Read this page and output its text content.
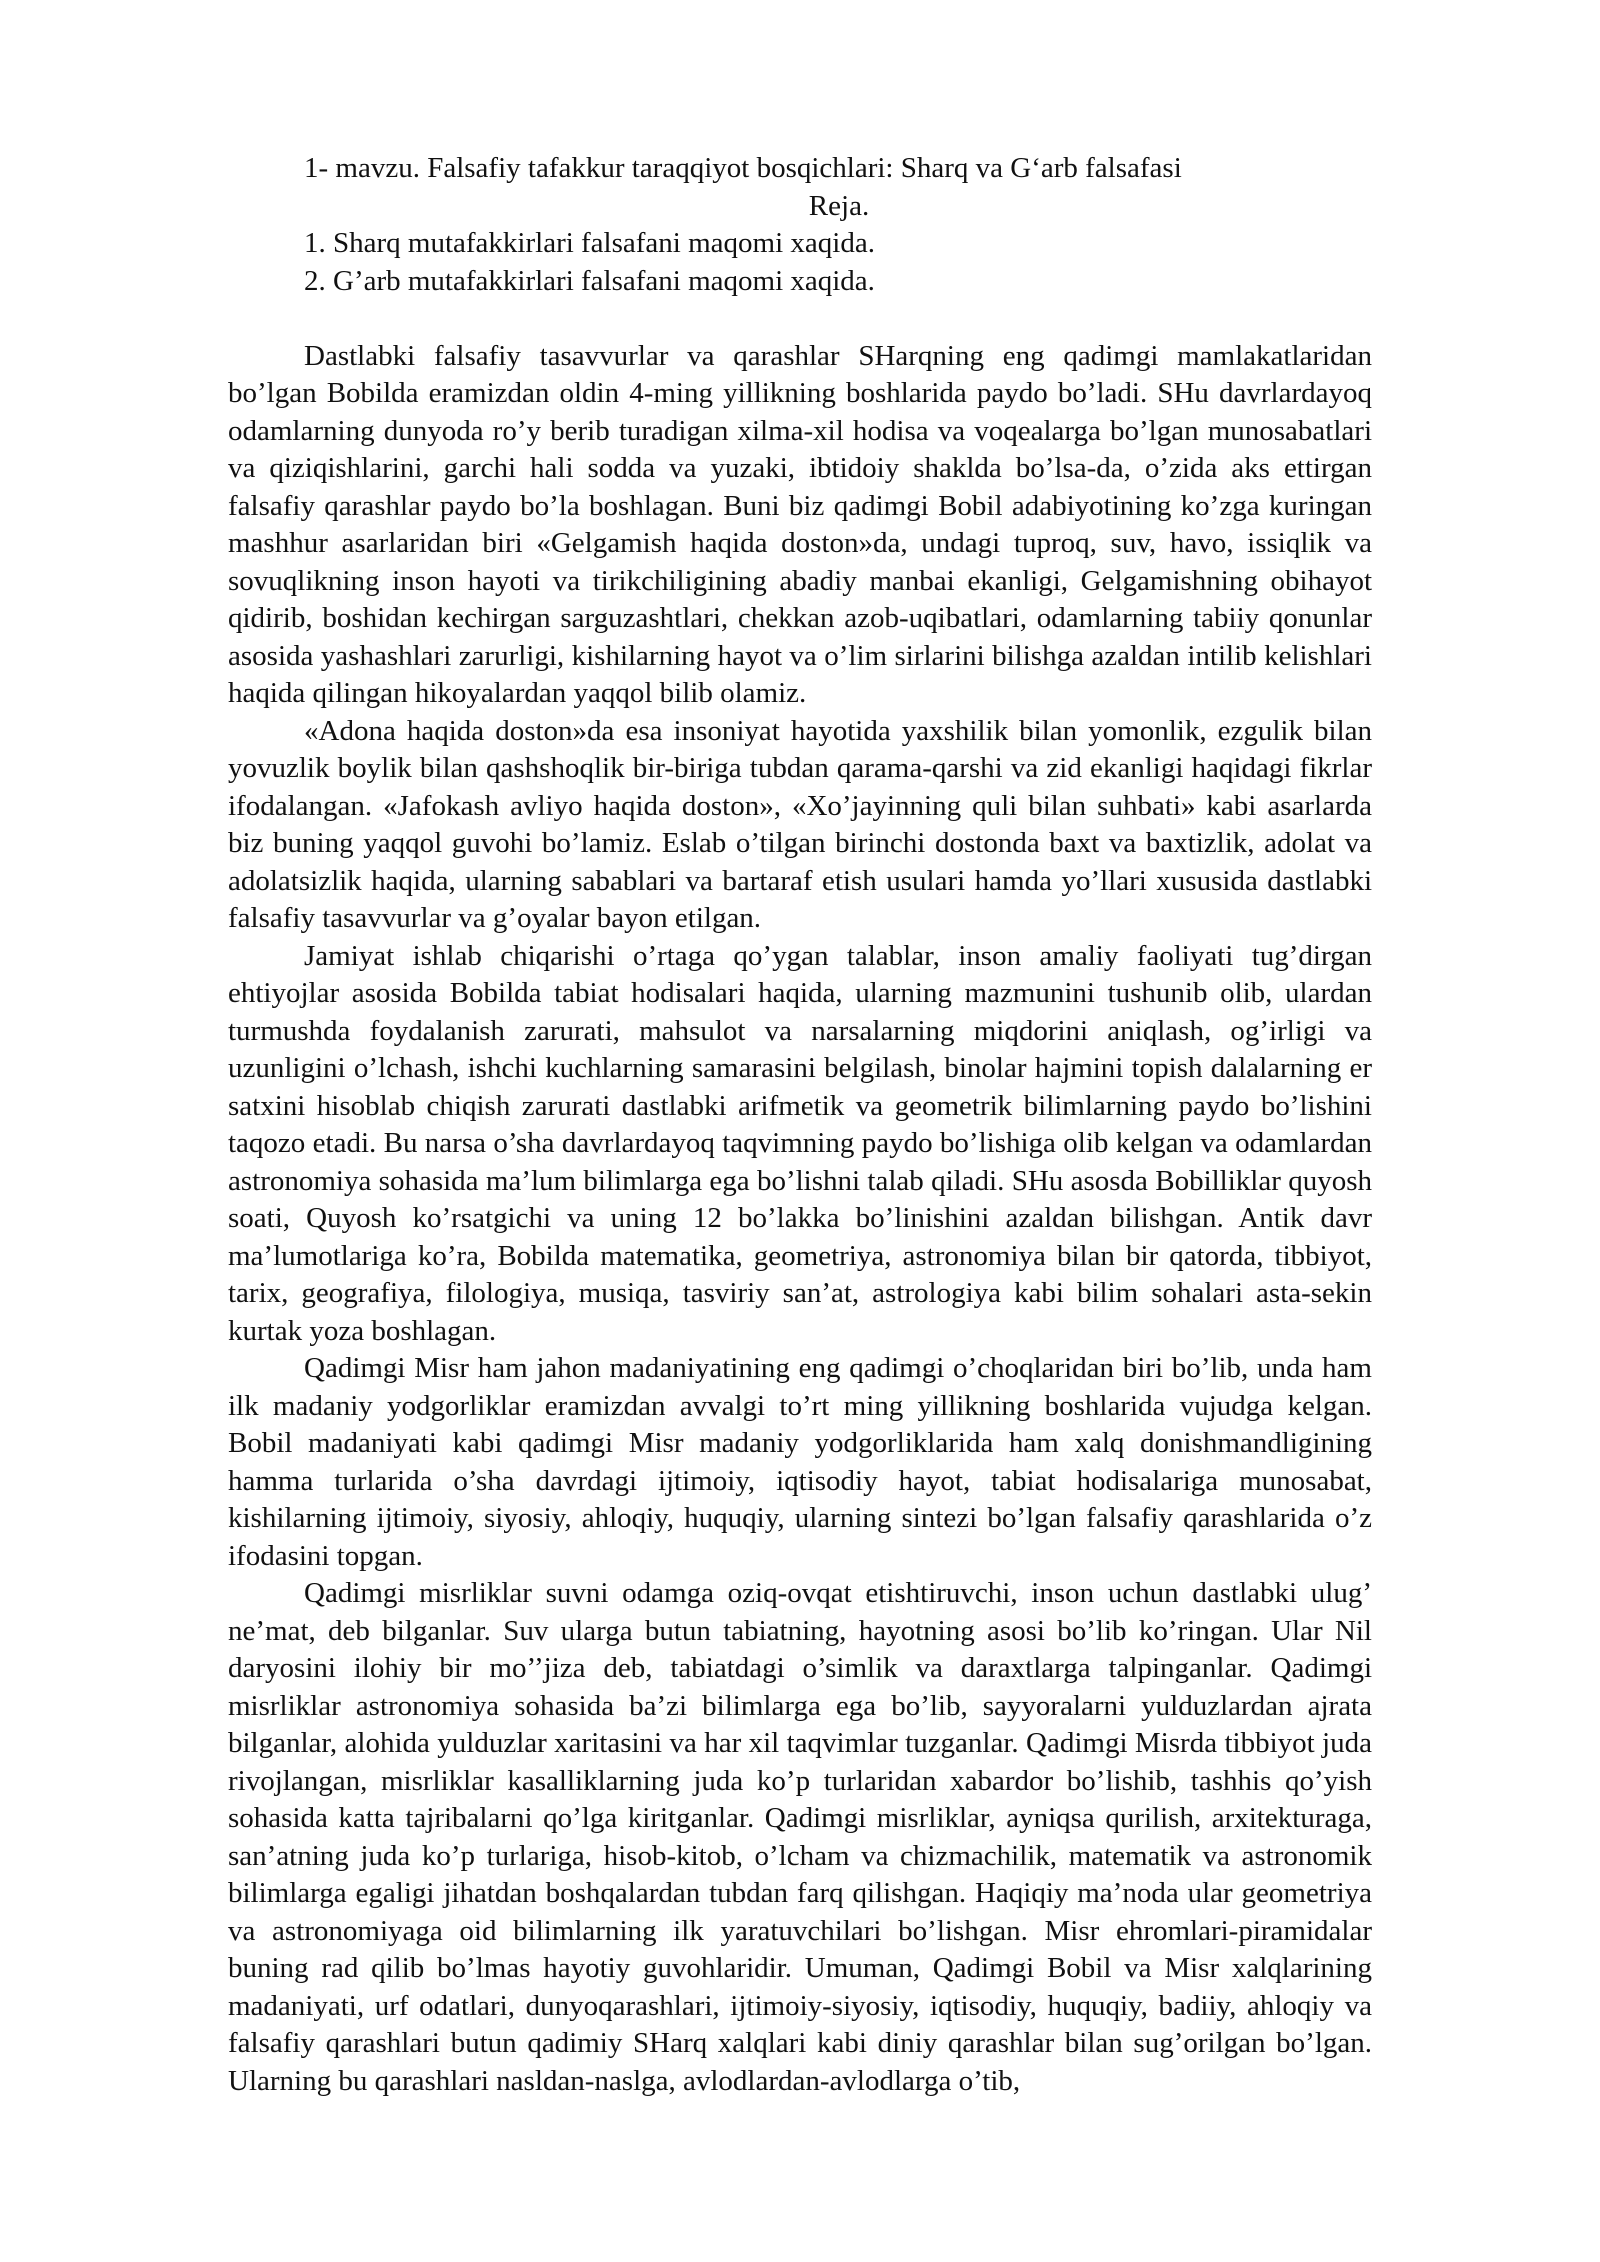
1- mavzu. Falsafiy tafakkur taraqqiyot bosqichlari: Sharq va G‘arb falsafasi
Reja.
1. Sharq mutafakkirlari falsafani maqomi xaqida.
2. G’arb mutafakkirlari falsafani maqomi xaqida.

Dastlabki falsafiy tasavvurlar va qarashlar SHarqning eng qadimgi mamlakatlaridan bo’lgan Bobilda eramizdan oldin 4-ming yillikning boshlarida paydo bo’ladi. SHu davrlardayoq odamlarning dunyoda ro’y berib turadigan xilma-xil hodisa va voqealarga bo’lgan munosabatlari va qiziqishlarini, garchi hali sodda va yuzaki, ibtidoiy shaklda bo’lsa-da, o’zida aks ettirgan falsafiy qarashlar paydo bo’la boshlagan. Buni biz qadimgi Bobil adabiyotining ko’zga kuringan mashhur asarlaridan biri «Gelgamish haqida doston»da, undagi tuproq, suv, havo, issiqlik va sovuqlikning inson hayoti va tirikchiligining abadiy manbai ekanligi, Gelgamishning obihayot qidirib, boshidan kechirgan sarguzashtlari, chekkan azob-uqibatlari, odamlarning tabiiy qonunlar asosida yashashlari zarurligi, kishilarning hayot va o’lim sirlarini bilishga azaldan intilib kelishlari haqida qilingan hikoyalardan yaqqol bilib olamiz.

«Adona haqida doston»da esa insoniyat hayotida yaxshilik bilan yomonlik, ezgulik bilan yovuzlik boylik bilan qashshoqlik bir-biriga tubdan qarama-qarshi va zid ekanligi haqidagi fikrlar ifodalangan. «Jafokash avliyo haqida doston», «Xo’jayinning quli bilan suhbati» kabi asarlarda biz buning yaqqol guvohi bo’lamiz. Eslab o’tilgan birinchi dostonda baxt va baxtizlik, adolat va adolatsizlik haqida, ularning sabablari va bartaraf etish usulari hamda yo’llari xususida dastlabki falsafiy tasavvurlar va g’oyalar bayon etilgan.

Jamiyat ishlab chiqarishi o’rtaga qo’ygan talablar, inson amaliy faoliyati tug’dirgan ehtiyojlar asosida Bobilda tabiat hodisalari haqida, ularning mazmunini tushunib olib, ulardan turmushda foydalanish zarurati, mahsulot va narsalarning miqdorini aniqlash, og’irligi va uzunligini o’lchash, ishchi kuchlarning samarasini belgilash, binolar hajmini topish dalalarning er satxini hisoblab chiqish zarurati dastlabki arifmetik va geometrik bilimlarning paydo bo’lishini taqozo etadi. Bu narsa o’sha davrlardayoq taqvimning paydo bo’lishiga olib kelgan va odamlardan astronomiya sohasida ma’lum bilimlarga ega bo’lishni talab qiladi. SHu asosda Bobilliklar quyosh soati, Quyosh ko’rsatgichi va uning 12 bo’lakka bo’linishini azaldan bilishgan. Antik davr ma’lumotlariga ko’ra, Bobilda matematika, geometriya, astronomiya bilan bir qatorda, tibbiyot, tarix, geografiya, filologiya, musiqa, tasviriy san’at, astrologiya kabi bilim sohalari asta-sekin kurtak yoza boshlagan.

Qadimgi Misr ham jahon madaniyatining eng qadimgi o’choqlaridan biri bo’lib, unda ham ilk madaniy yodgorliklar eramizdan avvalgi to’rt ming yillikning boshlarida vujudga kelgan. Bobil madaniyati kabi qadimgi Misr madaniy yodgorliklarida ham xalq donishmandligining hamma turlarida o’sha davrdagi ijtimoiy, iqtisodiy hayot, tabiat hodisalariga munosabat, kishilarning ijtimoiy, siyosiy, ahloqiy, huquqiy, ularning sintezi bo’lgan falsafiy qarashlarida o’z ifodasini topgan.

Qadimgi misrliklar suvni odamga oziq-ovqat etishtiruvchi, inson uchun dastlabki ulug’ ne’mat, deb bilganlar. Suv ularga butun tabiatning, hayotning asosi bo’lib ko’ringan. Ular Nil daryosini ilohiy bir mo’’jiza deb, tabiatdagi o’simlik va daraxtlarga talpinganlar. Qadimgi misrliklar astronomiya sohasida ba’zi bilimlarga ega bo’lib, sayyoralarni yulduzlardan ajrata bilganlar, alohida yulduzlar xaritasini va har xil taqvimlar tuzganlar. Qadimgi Misrda tibbiyot juda rivojlangan, misrliklar kasalliklarning juda ko’p turlaridan xabardor bo’lishib, tashhis qo’yish sohasida katta tajribalarni qo’lga kiritganlar. Qadimgi misrliklar, ayniqsa qurilish, arxitekturaga, san’atning juda ko’p turlariga, hisob-kitob, o’lcham va chizmachilik, matematik va astronomik bilimlarga egaligi jihatdan boshqalardan tubdan farq qilishgan. Haqiqiy ma’noda ular geometriya va astronomiyaga oid bilimlarning ilk yaratuvchilari bo’lishgan. Misr ehromlari-piramidalar buning rad qilib bo’lmas hayotiy guvohlaridir. Umuman, Qadimgi Bobil va Misr xalqlarining madaniyati, urf odatlari, dunyoqarashlari, ijtimoiy-siyosiy, iqtisodiy, huquqiy, badiiy, ahloqiy va falsafiy qarashlari butun qadimiy SHarq xalqlari kabi diniy qarashlar bilan sug’orilgan bo’lgan. Ularning bu qarashlari nasldan-naslga, avlodlardan-avlodlarga o’tib,
